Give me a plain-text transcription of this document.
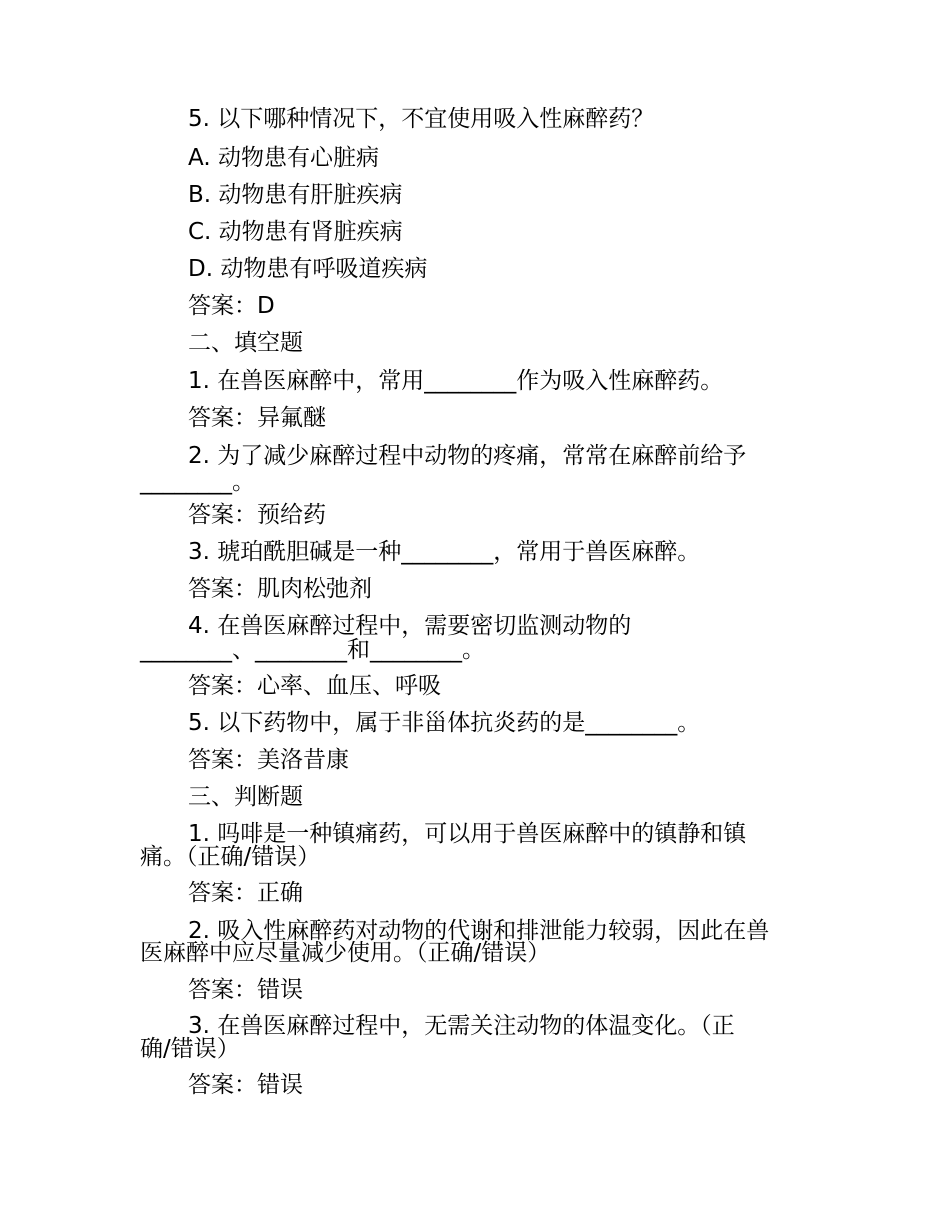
5. 以下哪种情况下，不宜使用吸入性麻醉药？
A. 动物患有心脏病
B. 动物患有肝脏疾病
C. 动物患有肾脏疾病
D. 动物患有呼吸道疾病
答案：D
二、填空题
1. 在兽医麻醉中，常用________作为吸入性麻醉药。
答案：异氟醚
2. 为了减少麻醉过程中动物的疼痛，常常在麻醉前给予
________。
答案：预给药
3. 琥珀酰胆碱是一种________，常用于兽医麻醉。
答案：肌肉松弛剂
4. 在兽医麻醉过程中，需要密切监测动物的
________、________和________。
答案：心率、血压、呼吸
5. 以下药物中，属于非甾体抗炎药的是________。
答案：美洛昔康
三、判断题
1. 吗啡是一种镇痛药，可以用于兽医麻醉中的镇静和镇
痛。（正确/错误）
答案：正确
2. 吸入性麻醉药对动物的代谢和排泄能力较弱，因此在兽
医麻醉中应尽量减少使用。（正确/错误）
答案：错误
3. 在兽医麻醉过程中，无需关注动物的体温变化。（正
确/错误）
答案：错误
